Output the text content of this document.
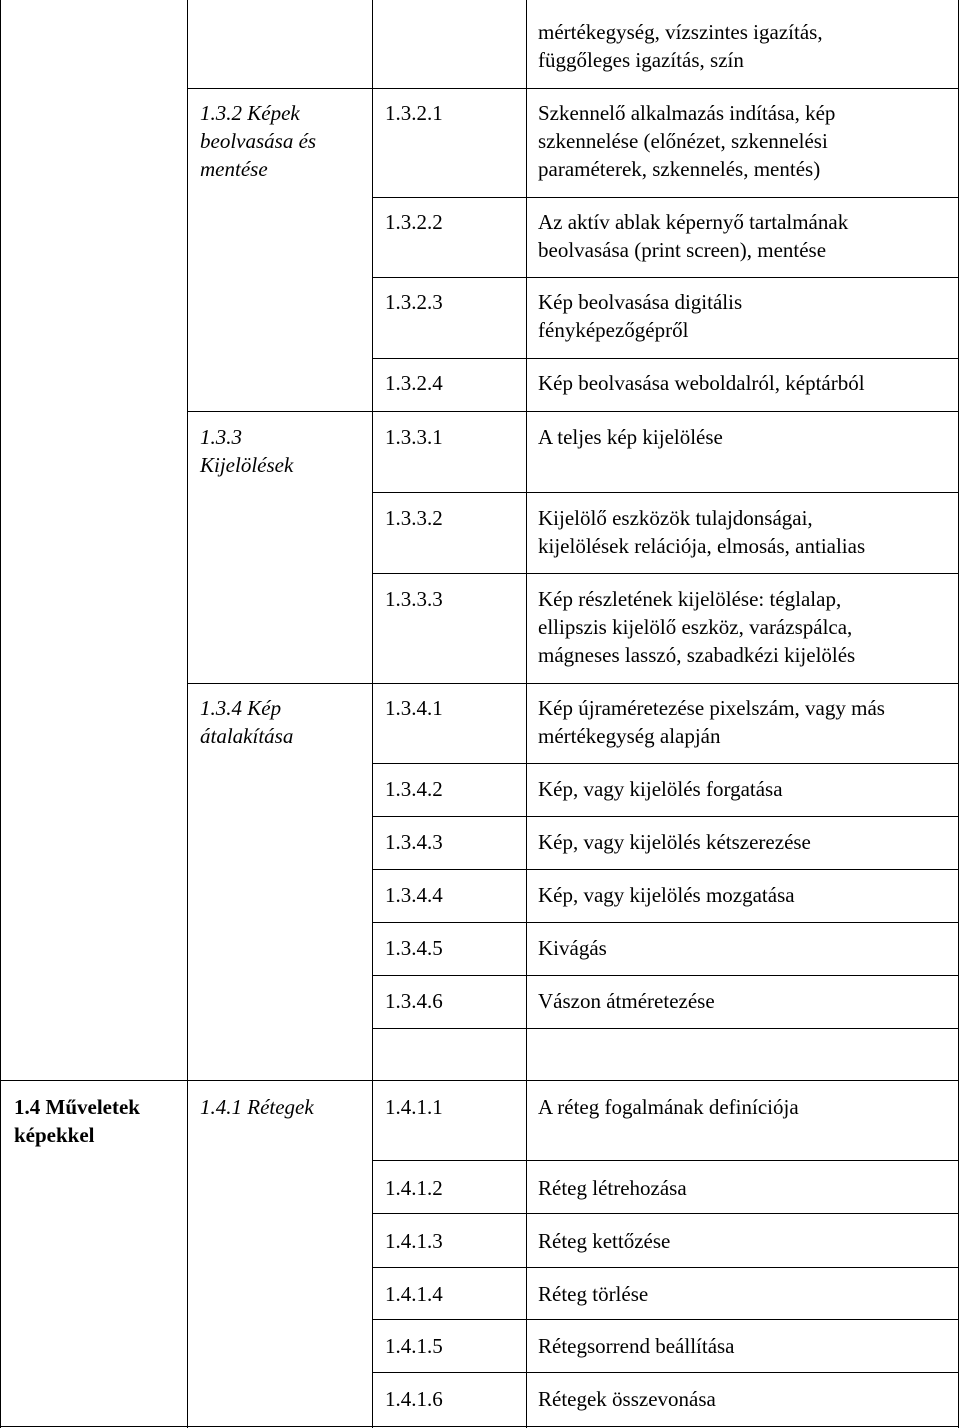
mértékegység, vízszintes igazítás,
függőleges igazítás, szín
1.3.2 Képek
beolvasása és
mentése
1.3.2.1	Szkennelő alkalmazás indítása, kép
szkennelése (előnézet, szkennelési
paraméterek, szkennelés, mentés)
1.3.2.2	Az aktív ablak képernyő tartalmának
beolvasása (print screen), mentése
1.3.2.3	Kép beolvasása digitális
fényképezőgépről
1.3.2.4	Kép beolvasása weboldalról, képtárból
1.3.3
Kijelölések
1.3.3.1	A teljes kép kijelölése
1.3.3.2	Kijelölő eszközök tulajdonságai,
kijelölések relációja, elmosás, antialias
1.3.3.3	Kép részletének kijelölése: téglalap,
ellipszis kijelölő eszköz, varázspálca,
mágneses lasszó, szabadkézi kijelölés
1.3.4 Kép
átalakítása
1.3.4.1	Kép újraméretezése pixelszám, vagy más
mértékegység alapján
1.3.4.2	Kép, vagy kijelölés forgatása
1.3.4.3	Kép, vagy kijelölés kétszerezése
1.3.4.4	Kép, vagy kijelölés mozgatása
1.3.4.5	Kivágás
1.3.4.6	Vászon átméretezése
1.4 Műveletek
képekkel
1.4.1 Rétegek	1.4.1.1	A réteg fogalmának definíciója
1.4.1.2	Réteg létrehozása
1.4.1.3	Réteg kettőzése
1.4.1.4	Réteg törlése
1.4.1.5	Rétegsorrend beállítása
1.4.1.6	Rétegek összevonása
